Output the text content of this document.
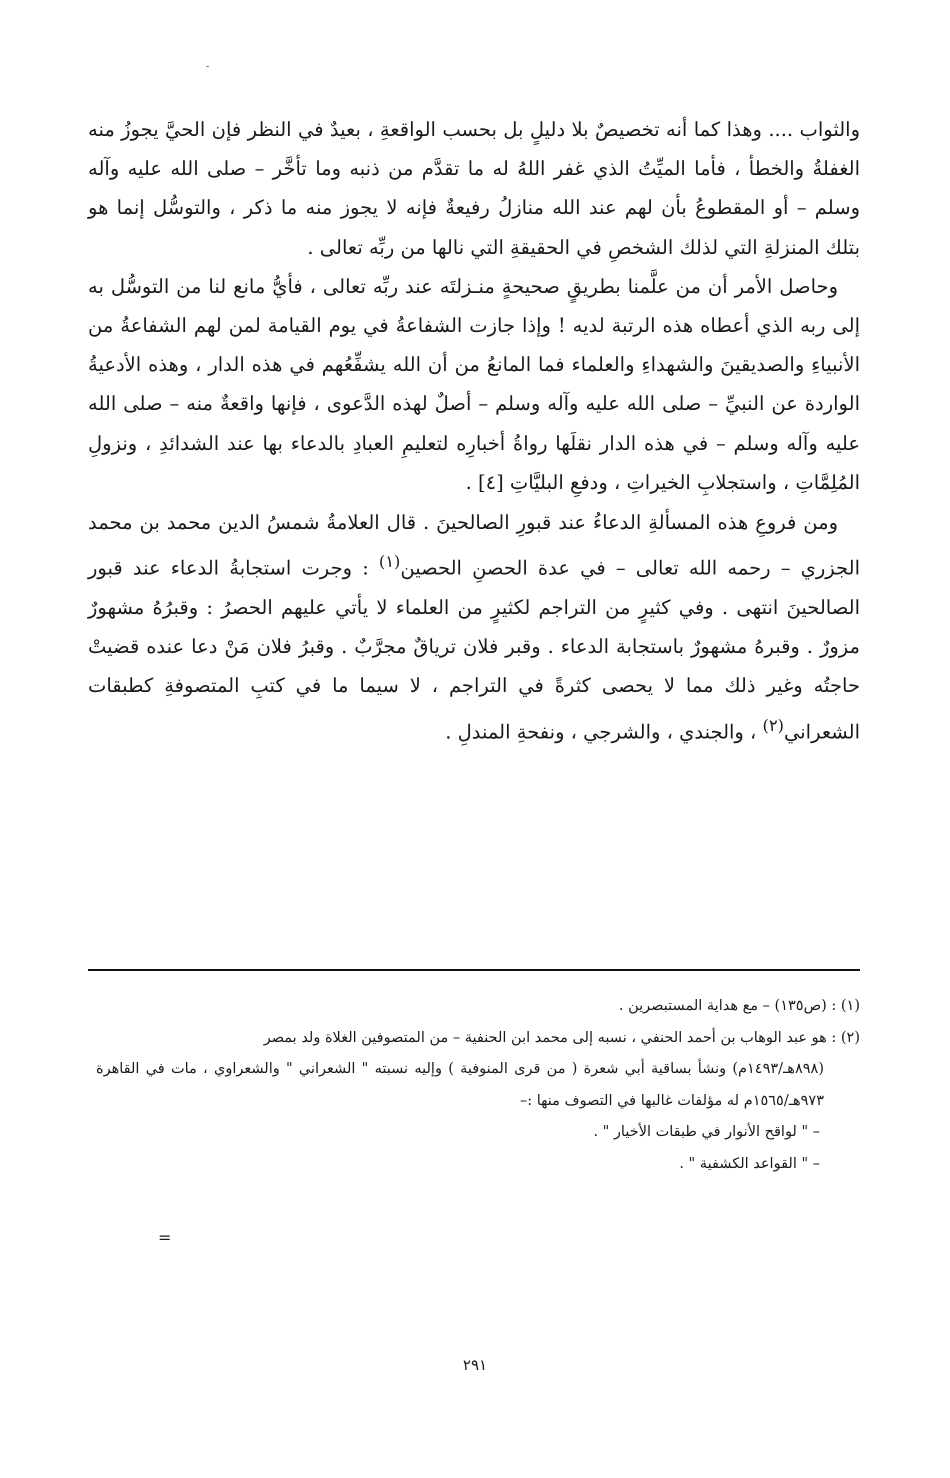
والثواب .... وهذا كما أنه تخصيصٌ بلا دليلٍ بل بحسب الواقعةِ ، بعيدٌ في النظر فإن الحيَّ يجوزُ منه الغفلةُ والخطأ ، فأما الميِّتُ الذي غفر اللهُ له ما تقدَّم من ذنبه وما تأخَّر – صلى الله عليه وآله وسلم – أو المقطوعُ بأن لهم عند الله منازلُ رفيعةٌ فإنه لا يجوز منه ما ذكر ، والتوسُّل إنما هو بتلك المنزلةِ التي لذلك الشخصِ في الحقيقةِ التي نالها من ربِّه تعالى .

وحاصل الأمر أن من علَّمنا بطريقٍ صحيحةٍ منـزلتَه عند ربِّه تعالى ، فأيُّ مانع لنا من التوسُّل به إلى ربه الذي أعطاه هذه الرتبة لديه ! وإذا جازت الشفاعةُ في يوم القيامة لمن لهم الشفاعةُ من الأنبياءِ والصديقينَ والشهداءِ والعلماء فما المانعُ من أن الله يشفِّعُهم في هذه الدار ، وهذه الأدعيةُ الواردة عن النبيِّ – صلى الله عليه وآله وسلم – أصلٌ لهذه الدَّعوى ، فإنها واقعةٌ منه – صلى الله عليه وآله وسلم – في هذه الدار نقلَها رواةُ أخبارِه لتعليمِ العبادِ بالدعاء بها عند الشدائدِ ، ونزولِ المُلِمَّاتِ ، واستجلابِ الخيراتِ ، ودفعِ البليَّاتِ [٤] .

ومن فروعِ هذه المسألةِ الدعاءُ عند قبورِ الصالحينَ . قال العلامةُ شمسُ الدين محمد بن محمد الجزري – رحمه الله تعالى – في عدة الحصنِ الحصين$^{(١)}$ : وجرت استجابةُ الدعاء عند قبور الصالحينَ انتهى . وفي كثيرٍ من التراجم لكثيرٍ من العلماء لا يأتي عليهم الحصرُ : وقبرُهُ مشهورٌ مزورٌ . وقبرهُ مشهورٌ باستجابة الدعاء . وقبر فلان ترياقٌ مجرَّبٌ . وقبرُ فلان مَنْ دعا عنده قضيتْ حاجتُه وغير ذلك مما لا يحصى كثرةً في التراجم ، لا سيما ما في كتبِ المتصوفةِ كطبقات الشعراني$^{(٢)}$ ، والجندي ، والشرجي ، ونفحةِ المندلِ .

(١) : (ص١٣٥) – مع هداية المستبصرين .

(٢) : هو عبد الوهاب بن أحمد الحنفي ، نسبه إلى محمد ابن الحنفية – من المتصوفين الغلاة ولد بمصر

(٨٩٨هـ/١٤٩٣م) ونشأ بساقية أبي شعرة ( من قرى المنوفية ) وإليه نسبته " الشعراني " والشعراوي ، مات في القاهرة ٩٧٣هـ/١٥٦٥م له مؤلفات غالبها في التصوف منها :–

– " لواقح الأنوار في طبقات الأخيار " .

– " القواعد الكشفية " .

=
٢٩١
